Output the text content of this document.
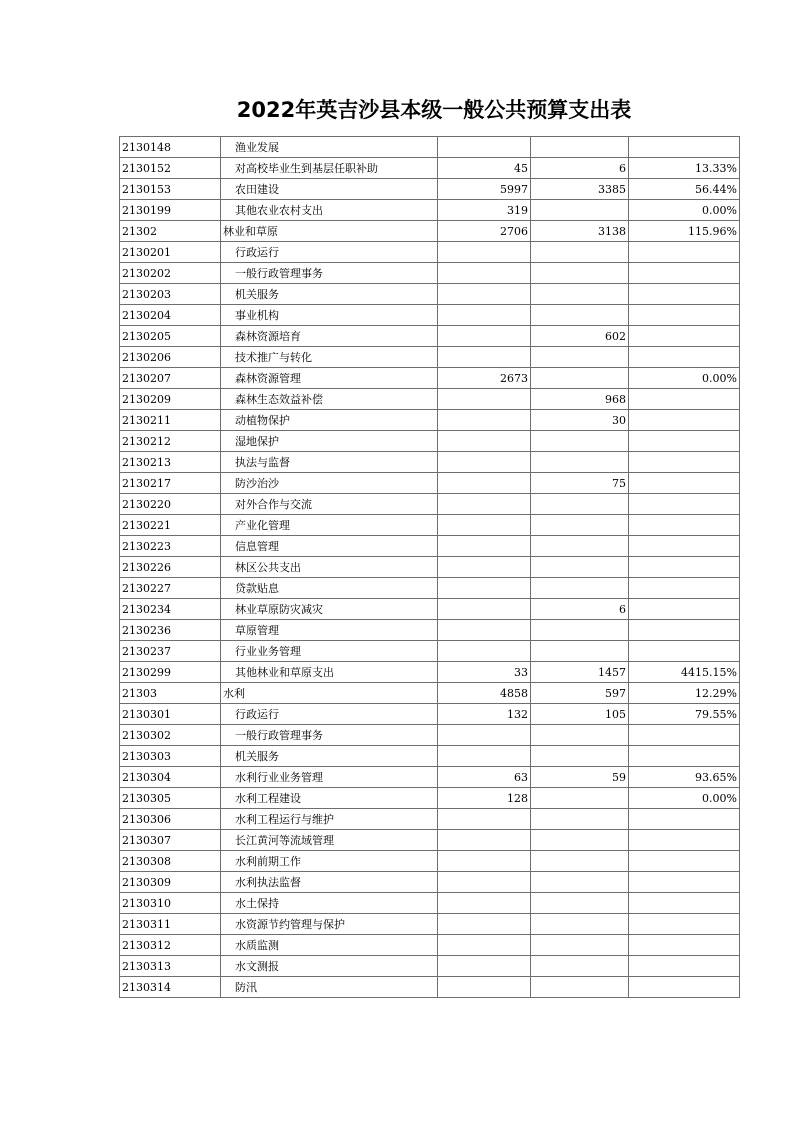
2022年英吉沙县本级一般公共预算支出表
2130148	渔业发展			
2130152	对高校毕业生到基层任职补助	45	6	13.33%
2130153	农田建设	5997	3385	56.44%
2130199	其他农业农村支出	319		0.00%
21302	林业和草原	2706	3138	115.96%
2130201	行政运行			
2130202	一般行政管理事务			
2130203	机关服务			
2130204	事业机构			
2130205	森林资源培育		602	
2130206	技术推广与转化			
2130207	森林资源管理	2673		0.00%
2130209	森林生态效益补偿		968	
2130211	动植物保护		30	
2130212	湿地保护			
2130213	执法与监督			
2130217	防沙治沙		75	
2130220	对外合作与交流			
2130221	产业化管理			
2130223	信息管理			
2130226	林区公共支出			
2130227	贷款贴息			
2130234	林业草原防灾减灾		6	
2130236	草原管理			
2130237	行业业务管理			
2130299	其他林业和草原支出	33	1457	4415.15%
21303	水利	4858	597	12.29%
2130301	行政运行	132	105	79.55%
2130302	一般行政管理事务			
2130303	机关服务			
2130304	水利行业业务管理	63	59	93.65%
2130305	水利工程建设	128		0.00%
2130306	水利工程运行与维护			
2130307	长江黄河等流域管理			
2130308	水利前期工作			
2130309	水利执法监督			
2130310	水土保持			
2130311	水资源节约管理与保护			
2130312	水质监测			
2130313	水文测报			
2130314	防汛			
